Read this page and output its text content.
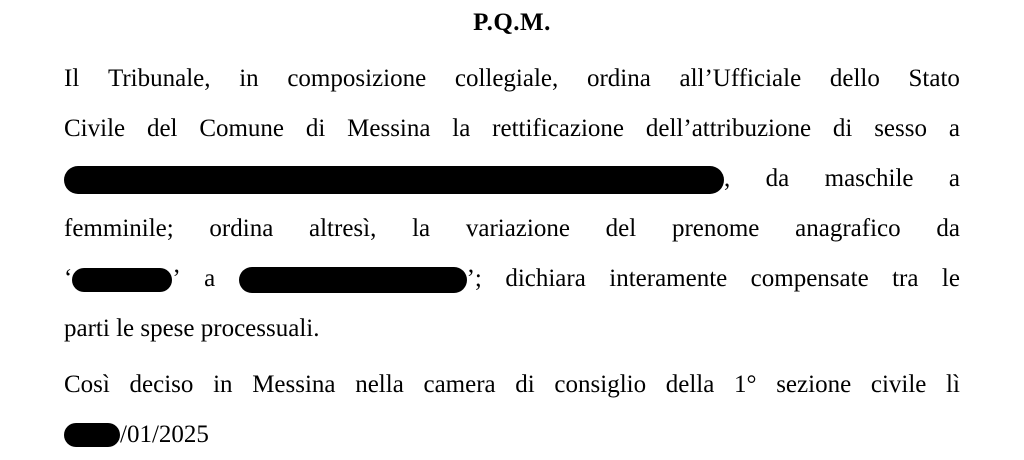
P.Q.M.
Il Tribunale, in composizione collegiale, ordina all’Ufficiale dello Stato
Civile del Comune di Messina la rettificazione dell’attribuzione di sesso a
, da maschile a
femminile; ordina altresì, la variazione del prenome anagrafico da
‘	’ a	’; dichiara interamente compensate tra le
parti le spese processuali.
Così deciso in Messina nella camera di consiglio della 1° sezione civile lì
/01/2025
